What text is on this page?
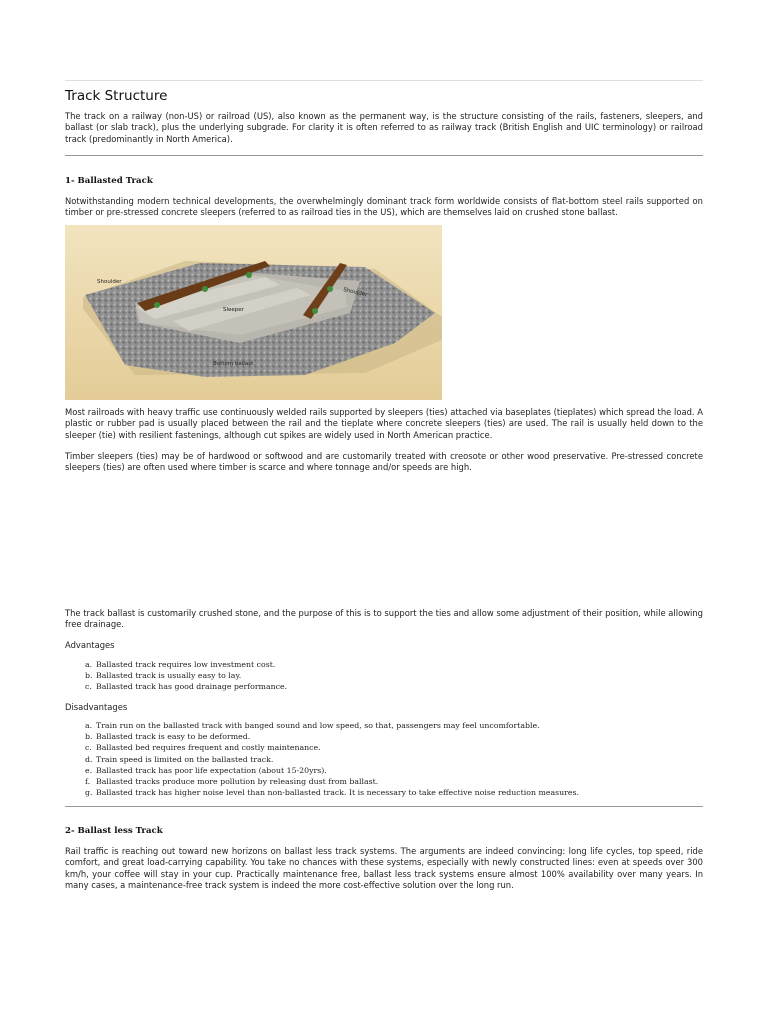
Track Structure

The track on a railway (non-US) or railroad (US), also known as the permanent way, is the structure consisting of the rails, fasteners, sleepers, and ballast (or slab track), plus the underlying subgrade. For clarity it is often referred to as railway track (British English and UIC terminology) or railroad track (predominantly in North America).

1- Ballasted Track

Notwithstanding modern technical developments, the overwhelmingly dominant track form worldwide consists of flat-bottom steel rails supported on timber or pre-stressed concrete sleepers (referred to as railroad ties in the US), which are themselves laid on crushed stone ballast.

Shoulder
Shoulder
Sleeper
Bottom ballast

Most railroads with heavy traffic use continuously welded rails supported by sleepers (ties) attached via baseplates (tieplates) which spread the load. A plastic or rubber pad is usually placed between the rail and the tieplate where concrete sleepers (ties) are used. The rail is usually held down to the sleeper (tie) with resilient fastenings, although cut spikes are widely used in North American practice.

Timber sleepers (ties) may be of hardwood or softwood and are customarily treated with creosote or other wood preservative. Pre-stressed concrete sleepers (ties) are often used where timber is scarce and where tonnage and/or speeds are high.

The track ballast is customarily crushed stone, and the purpose of this is to support the ties and allow some adjustment of their position, while allowing free drainage.

Advantages
a. Ballasted track requires low investment cost.
b. Ballasted track is usually easy to lay.
c. Ballasted track has good drainage performance.
Disadvantages
a. Train run on the ballasted track with banged sound and low speed, so that, passengers may feel uncomfortable.
b. Ballasted track is easy to be deformed.
c. Ballasted bed requires frequent and costly maintenance.
d. Train speed is limited on the ballasted track.
e. Ballasted track has poor life expectation (about 15-20yrs).
f. Ballasted tracks produce more pollution by releasing dust from ballast.
g. Ballasted track has higher noise level than non-ballasted track. It is necessary to take effective noise reduction measures.
2- Ballast less Track

Rail traffic is reaching out toward new horizons on ballast less track systems. The arguments are indeed convincing: long life cycles, top speed, ride comfort, and great load-carrying capability. You take no chances with these systems, especially with newly constructed lines: even at speeds over 300 km/h, your coffee will stay in your cup. Practically maintenance free, ballast less track systems ensure almost 100% availability over many years. In many cases, a maintenance-free track system is indeed the more cost-effective solution over the long run.
